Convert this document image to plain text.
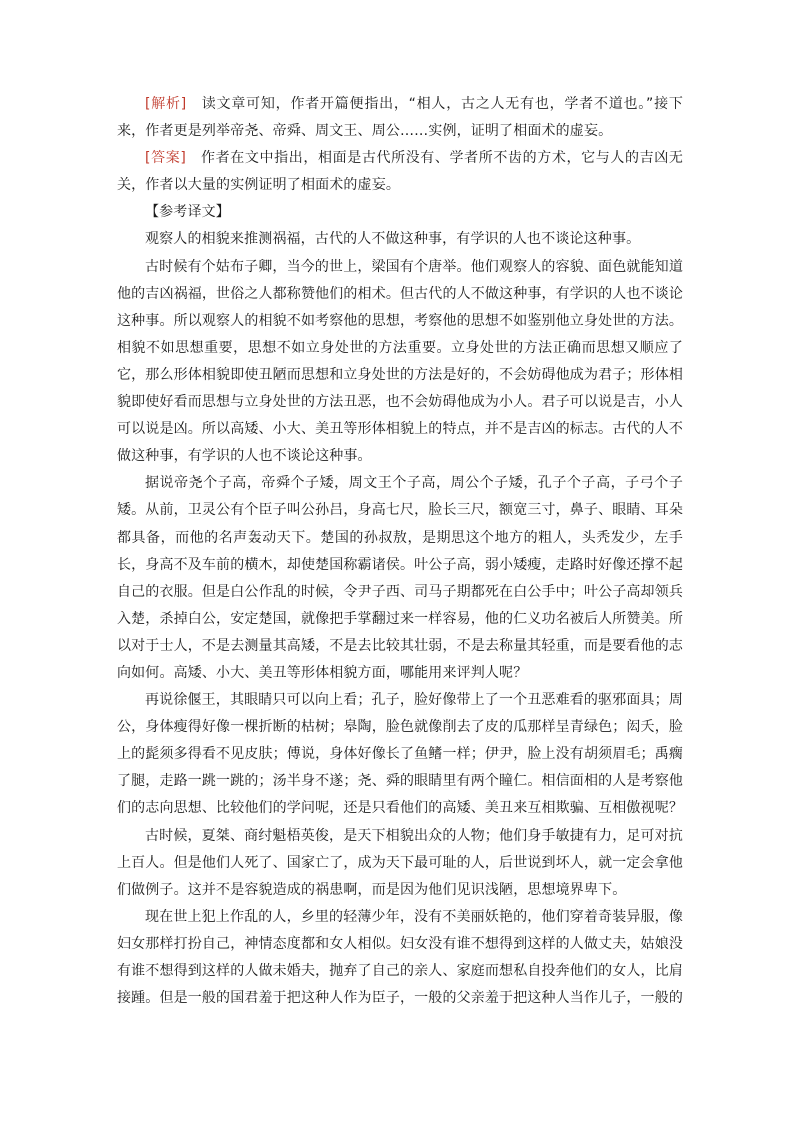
[解析]　读文章可知，作者开篇便指出，“相人，古之人无有也，学者不道也。”接下来，作者更是列举帝尧、帝舜、周文王、周公……实例，证明了相面术的虚妄。

[答案]　作者在文中指出，相面是古代所没有、学者所不齿的方术，它与人的吉凶无关，作者以大量的实例证明了相面术的虚妄。

【参考译文】

观察人的相貌来推测祸福，古代的人不做这种事，有学识的人也不谈论这种事。

古时候有个姑布子卿，当今的世上，梁国有个唐举。他们观察人的容貌、面色就能知道他的吉凶祸福，世俗之人都称赞他们的相术。但古代的人不做这种事，有学识的人也不谈论这种事。所以观察人的相貌不如考察他的思想，考察他的思想不如鉴别他立身处世的方法。相貌不如思想重要，思想不如立身处世的方法重要。立身处世的方法正确而思想又顺应了它，那么形体相貌即使丑陋而思想和立身处世的方法是好的，不会妨碍他成为君子；形体相貌即使好看而思想与立身处世的方法丑恶，也不会妨碍他成为小人。君子可以说是吉，小人可以说是凶。所以高矮、小大、美丑等形体相貌上的特点，并不是吉凶的标志。古代的人不做这种事，有学识的人也不谈论这种事。

据说帝尧个子高，帝舜个子矮，周文王个子高，周公个子矮，孔子个子高，子弓个子矮。从前，卫灵公有个臣子叫公孙吕，身高七尺，脸长三尺，额宽三寸，鼻子、眼睛、耳朵都具备，而他的名声轰动天下。楚国的孙叔敖，是期思这个地方的粗人，头秃发少，左手长，身高不及车前的横木，却使楚国称霸诸侯。叶公子高，弱小矮瘦，走路时好像还撑不起自己的衣服。但是白公作乱的时候，令尹子西、司马子期都死在白公手中；叶公子高却领兵入楚，杀掉白公，安定楚国，就像把手掌翻过来一样容易，他的仁义功名被后人所赞美。所以对于士人，不是去测量其高矮，不是去比较其壮弱，不是去称量其轻重，而是要看他的志向如何。高矮、小大、美丑等形体相貌方面，哪能用来评判人呢？

再说徐偃王，其眼睛只可以向上看；孔子，脸好像带上了一个丑恶难看的驱邪面具；周公，身体瘦得好像一棵折断的枯树；皋陶，脸色就像削去了皮的瓜那样呈青绿色；闳夭，脸上的髭须多得看不见皮肤；傅说，身体好像长了鱼鳍一样；伊尹，脸上没有胡须眉毛；禹瘸了腿，走路一跳一跳的；汤半身不遂；尧、舜的眼睛里有两个瞳仁。相信面相的人是考察他们的志向思想、比较他们的学问呢，还是只看他们的高矮、美丑来互相欺骗、互相傲视呢？

古时候，夏桀、商纣魁梧英俊，是天下相貌出众的人物；他们身手敏捷有力，足可对抗上百人。但是他们人死了、国家亡了，成为天下最可耻的人，后世说到坏人，就一定会拿他们做例子。这并不是容貌造成的祸患啊，而是因为他们见识浅陋，思想境界卑下。

现在世上犯上作乱的人，乡里的轻薄少年，没有不美丽妖艳的，他们穿着奇装异服，像妇女那样打扮自己，神情态度都和女人相似。妇女没有谁不想得到这样的人做丈夫，姑娘没有谁不想得到这样的人做未婚夫，抛弃了自己的亲人、家庭而想私自投奔他们的女人，比肩接踵。但是一般的国君羞于把这种人作为臣子，一般的父亲羞于把这种人当作儿子，一般的
